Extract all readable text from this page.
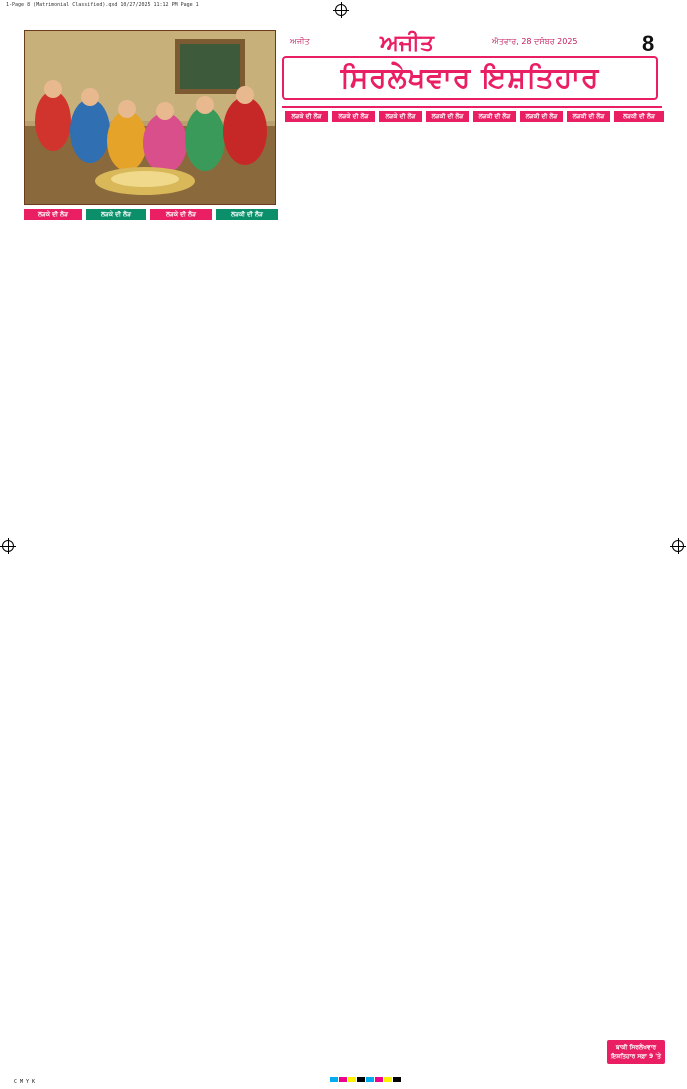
1-Page 8 (Matrimonial Classified).qxd 10/27/2025 11:12 PM Page 1
ਅਜੀਤ	ਅਜੀਤ	ਐਤਵਾਰ, 28 ਦਸੰਬਰ 2025	8
ਸਿਰਲੇਖਵਾਰ ਇਸ਼ਤਿਹਾਰ
ਲੜਕੇ ਦੀ ਲੋੜ	ਲੜਕੇ ਦੀ ਲੋੜ	ਲੜਕੇ ਦੀ ਲੋੜ	ਲੜਕੀ ਦੀ ਲੋੜ	ਲੜਕੀ ਦੀ ਲੋੜ	ਲੜਕੀ ਦੀ ਲੋੜ	ਲੜਕੀ ਦੀ ਲੋੜ	ਲੜਕੀ ਦੀ ਲੋੜ
ਲੜਕੇ ਦੀ ਲੋੜ	ਲੜਕੇ ਦੀ ਲੋੜ	ਲੜਕੇ ਦੀ ਲੋੜ	ਲੜਕੀ ਦੀ ਲੋੜ
ਬਾਕੀ ਸਿਰਲੇਖਵਾਰ
ਇਸ਼ਤਿਹਾਰ ਸਫ਼ਾ 9 'ਤੇ
C M Y K
